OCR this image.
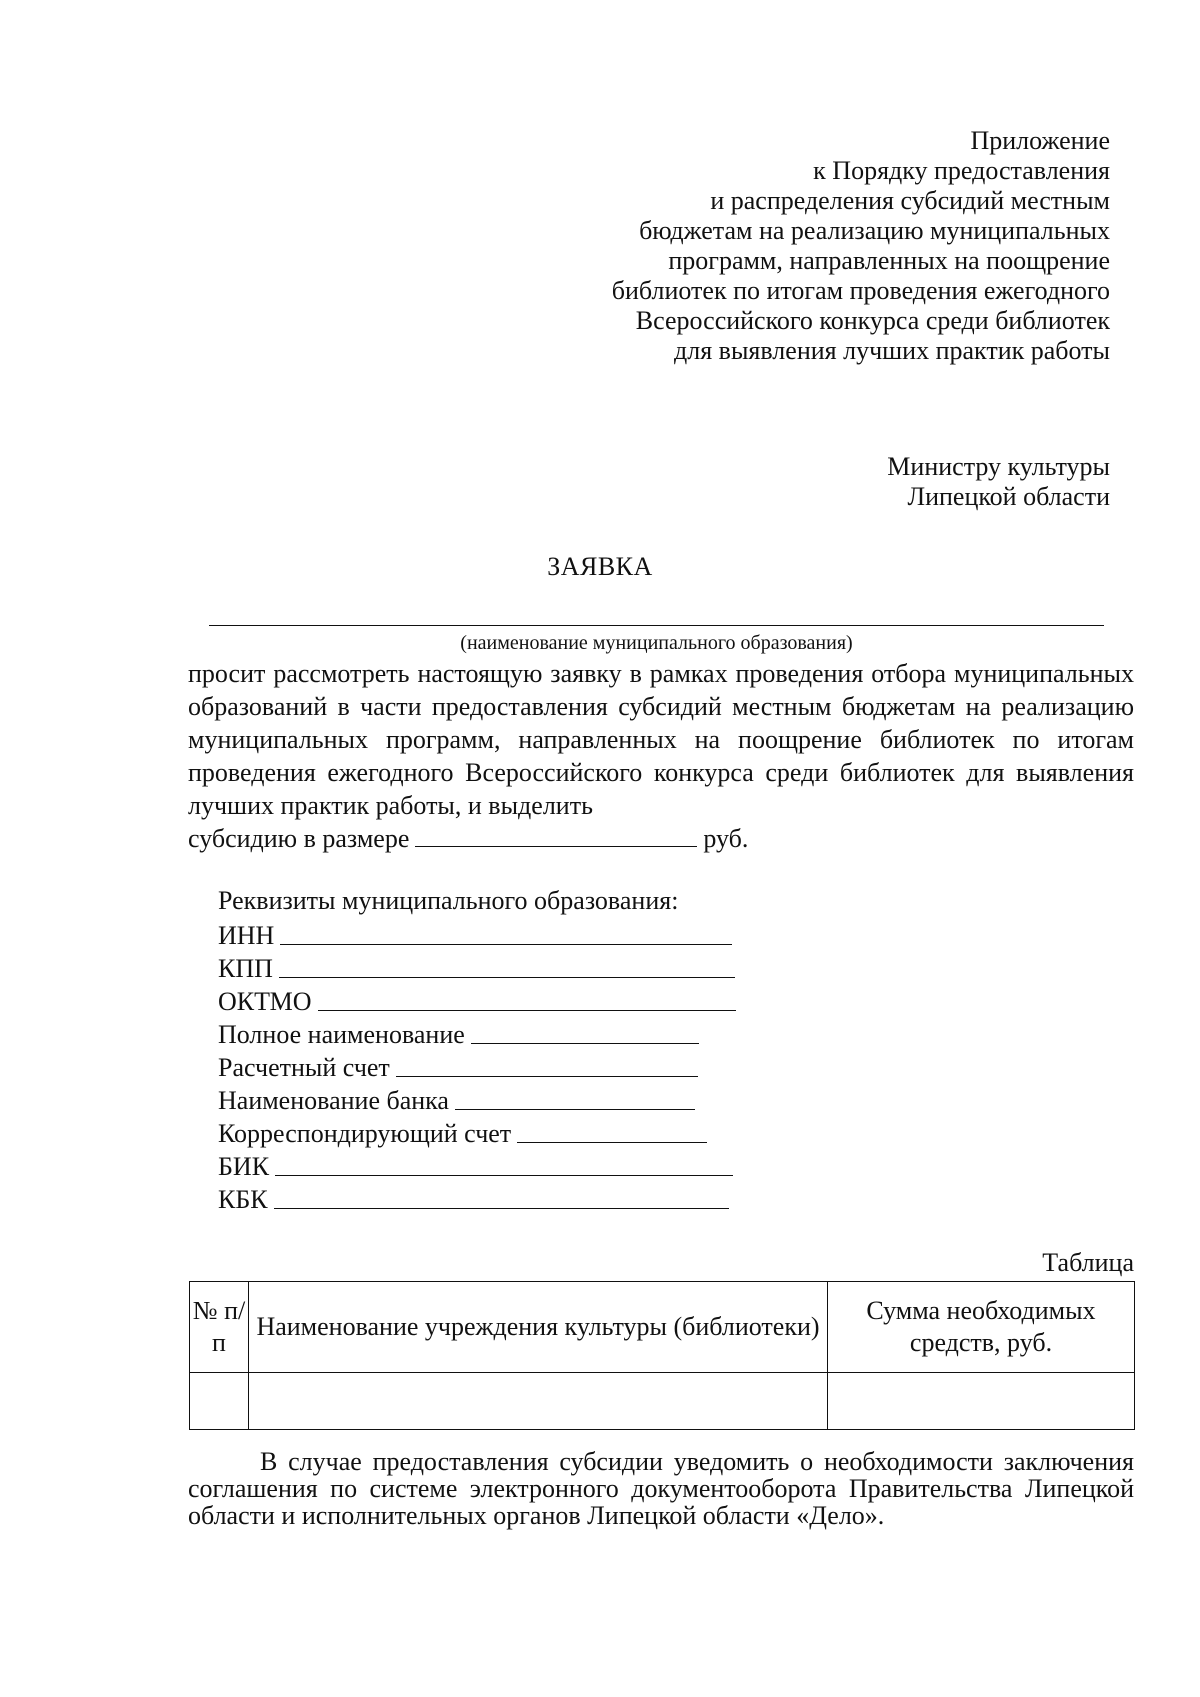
Приложение
к Порядку предоставления
и распределения субсидий местным
бюджетам на реализацию муниципальных
программ, направленных на поощрение
библиотек по итогам проведения ежегодного
Всероссийского конкурса среди библиотек
для выявления лучших практик работы
Министру культуры
Липецкой области
ЗАЯВКА
(наименование муниципального образования)
просит рассмотреть настоящую заявку в рамках проведения отбора муниципальных образований в части предоставления субсидий местным бюджетам на реализацию муниципальных программ, направленных на поощрение библиотек по итогам проведения ежегодного Всероссийского конкурса среди библиотек для выявления лучших практик работы, и выделить
субсидию в размере	руб.
Реквизиты муниципального образования:
ИНН
КПП
ОКТМО
Полное наименование
Расчетный счет
Наименование банка
Корреспондирующий счет
БИК
КБК
Таблица
№ п/п	Наименование учреждения культуры (библиотеки)	Сумма необходимых средств, руб.

В случае предоставления субсидии уведомить о необходимости заключения соглашения по системе электронного документооборота Правительства Липецкой области и исполнительных органов Липецкой области «Дело».
